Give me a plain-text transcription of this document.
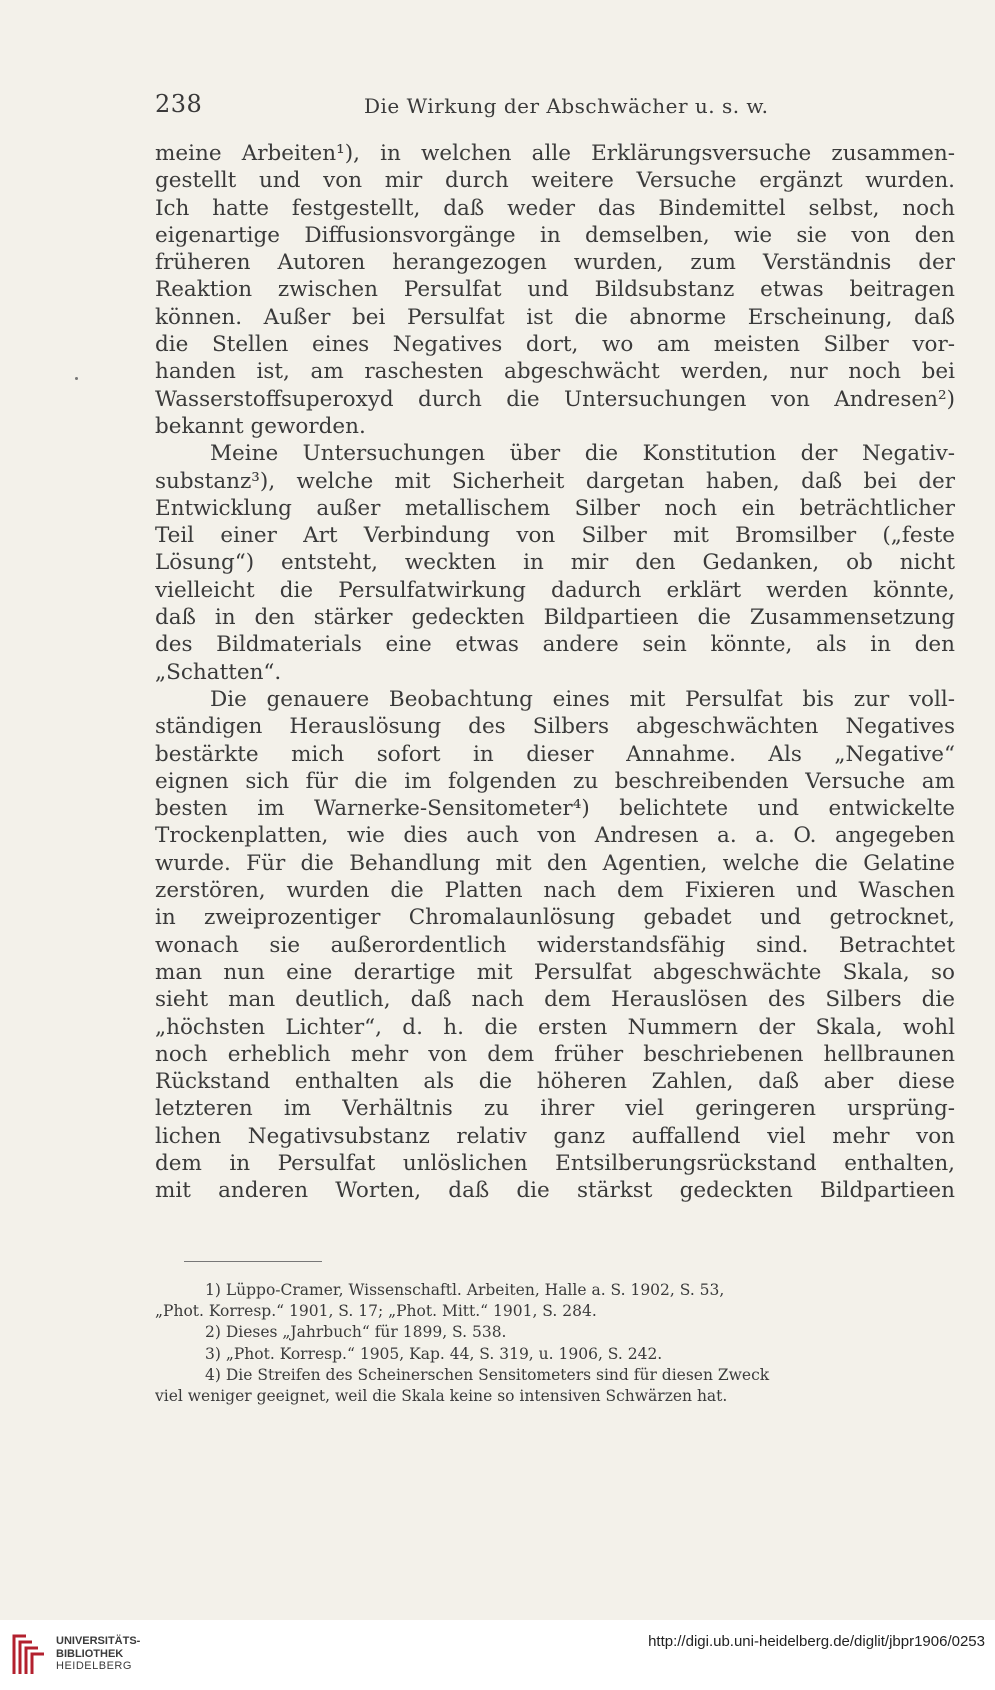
238	Die Wirkung der Abschwächer u. s. w.
meine Arbeiten¹), in welchen alle Erklärungsversuche zusammen-
gestellt und von mir durch weitere Versuche ergänzt wurden.
Ich hatte festgestellt, daß weder das Bindemittel selbst, noch
eigenartige Diffusionsvorgänge in demselben, wie sie von den
früheren Autoren herangezogen wurden, zum Verständnis der
Reaktion zwischen Persulfat und Bildsubstanz etwas beitragen
können. Außer bei Persulfat ist die abnorme Erscheinung, daß
die Stellen eines Negatives dort, wo am meisten Silber vor-
handen ist, am raschesten abgeschwächt werden, nur noch bei
Wasserstoffsuperoxyd durch die Untersuchungen von Andresen²)
bekannt geworden.
Meine Untersuchungen über die Konstitution der Negativ-
substanz³), welche mit Sicherheit dargetan haben, daß bei der
Entwicklung außer metallischem Silber noch ein beträchtlicher
Teil einer Art Verbindung von Silber mit Bromsilber („feste
Lösung“) entsteht, weckten in mir den Gedanken, ob nicht
vielleicht die Persulfatwirkung dadurch erklärt werden könnte,
daß in den stärker gedeckten Bildpartieen die Zusammensetzung
des Bildmaterials eine etwas andere sein könnte, als in den
„Schatten“.
Die genauere Beobachtung eines mit Persulfat bis zur voll-
ständigen Herauslösung des Silbers abgeschwächten Negatives
bestärkte mich sofort in dieser Annahme. Als „Negative“
eignen sich für die im folgenden zu beschreibenden Versuche am
besten im Warnerke-Sensitometer⁴) belichtete und entwickelte
Trockenplatten, wie dies auch von Andresen a. a. O. angegeben
wurde. Für die Behandlung mit den Agentien, welche die Gelatine
zerstören, wurden die Platten nach dem Fixieren und Waschen
in zweiprozentiger Chromalaunlösung gebadet und getrocknet,
wonach sie außerordentlich widerstandsfähig sind. Betrachtet
man nun eine derartige mit Persulfat abgeschwächte Skala, so
sieht man deutlich, daß nach dem Herauslösen des Silbers die
„höchsten Lichter“, d. h. die ersten Nummern der Skala, wohl
noch erheblich mehr von dem früher beschriebenen hellbraunen
Rückstand enthalten als die höheren Zahlen, daß aber diese
letzteren im Verhältnis zu ihrer viel geringeren ursprüng-
lichen Negativsubstanz relativ ganz auffallend viel mehr von
dem in Persulfat unlöslichen Entsilberungsrückstand enthalten,
mit anderen Worten, daß die stärkst gedeckten Bildpartieen
1) Lüppo-Cramer, Wissenschaftl. Arbeiten, Halle a. S. 1902, S. 53,
„Phot. Korresp.“ 1901, S. 17; „Phot. Mitt.“ 1901, S. 284.
2) Dieses „Jahrbuch“ für 1899, S. 538.
3) „Phot. Korresp.“ 1905, Kap. 44, S. 319, u. 1906, S. 242.
4) Die Streifen des Scheinerschen Sensitometers sind für diesen Zweck
viel weniger geeignet, weil die Skala keine so intensiven Schwärzen hat.
UNIVERSITÄTS-
BIBLIOTHEK
HEIDELBERG
http://digi.ub.uni-heidelberg.de/diglit/jbpr1906/0253
